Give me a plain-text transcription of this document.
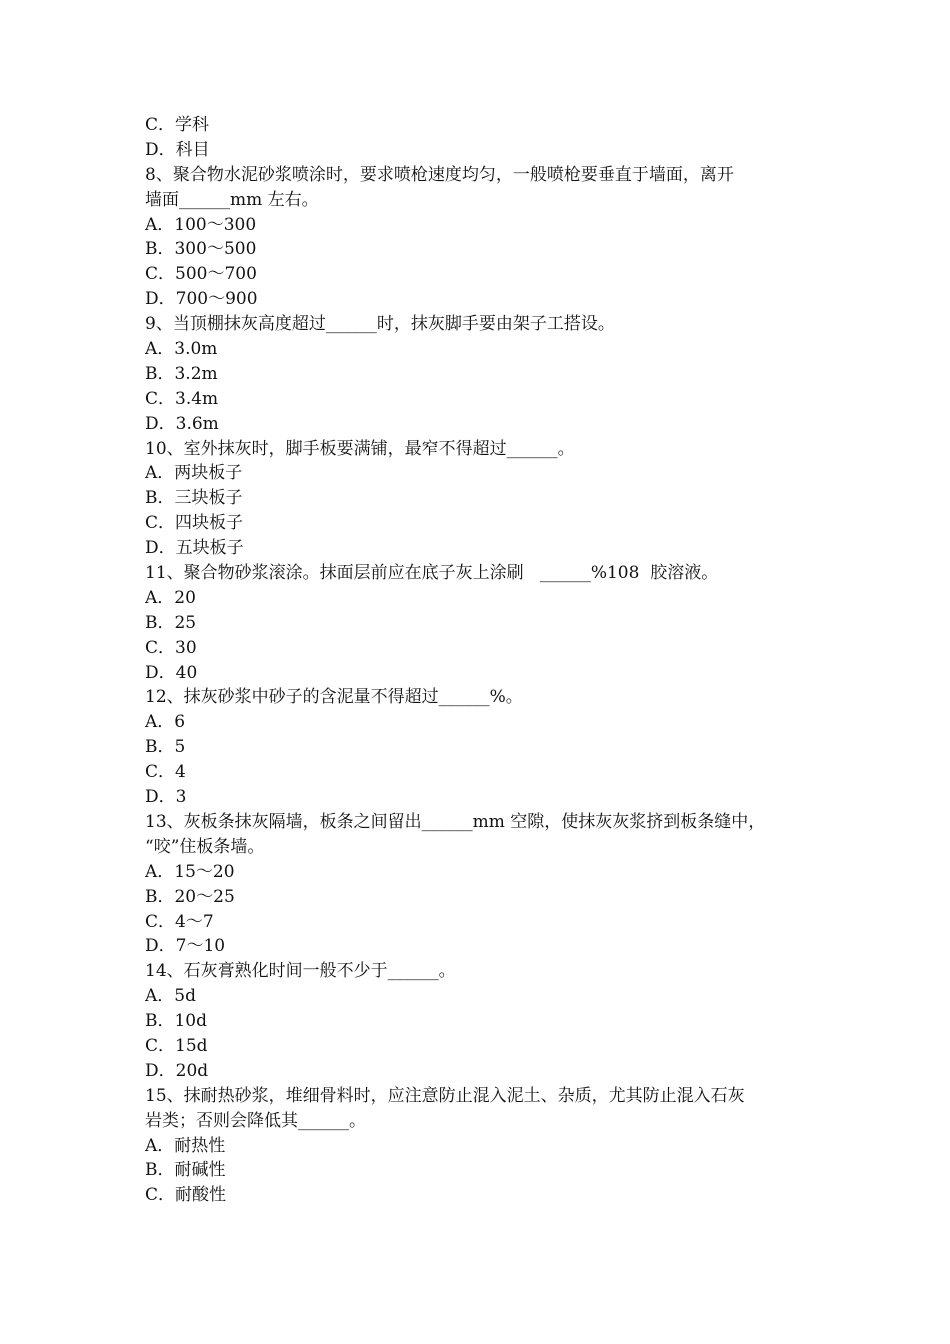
C．学科
D．科目
8、聚合物水泥砂浆喷涂时，要求喷枪速度均匀，一般喷枪要垂直于墙面，离开
墙面______mm 左右。
A．100～300
B．300～500
C．500～700
D．700～900
9、当顶棚抹灰高度超过______时，抹灰脚手要由架子工搭设。
A．3.0m
B．3.2m
C．3.4m
D．3.6m
10、室外抹灰时，脚手板要满铺，最窄不得超过______。
A．两块板子
B．三块板子
C．四块板子
D．五块板子
11、聚合物砂浆滚涂。抹面层前应在底子灰上涂刷   ______%108  胶溶液。
A．20
B．25
C．30
D．40
12、抹灰砂浆中砂子的含泥量不得超过______%。
A．6
B．5
C．4
D．3
13、灰板条抹灰隔墙，板条之间留出______mm 空隙，使抹灰灰浆挤到板条缝中，
“咬”住板条墙。
A．15～20
B．20～25
C．4～7
D．7～10
14、石灰膏熟化时间一般不少于______。
A．5d
B．10d
C．15d
D．20d
15、抹耐热砂浆，堆细骨料时，应注意防止混入泥土、杂质，尤其防止混入石灰
岩类；否则会降低其______。
A．耐热性
B．耐碱性
C．耐酸性
